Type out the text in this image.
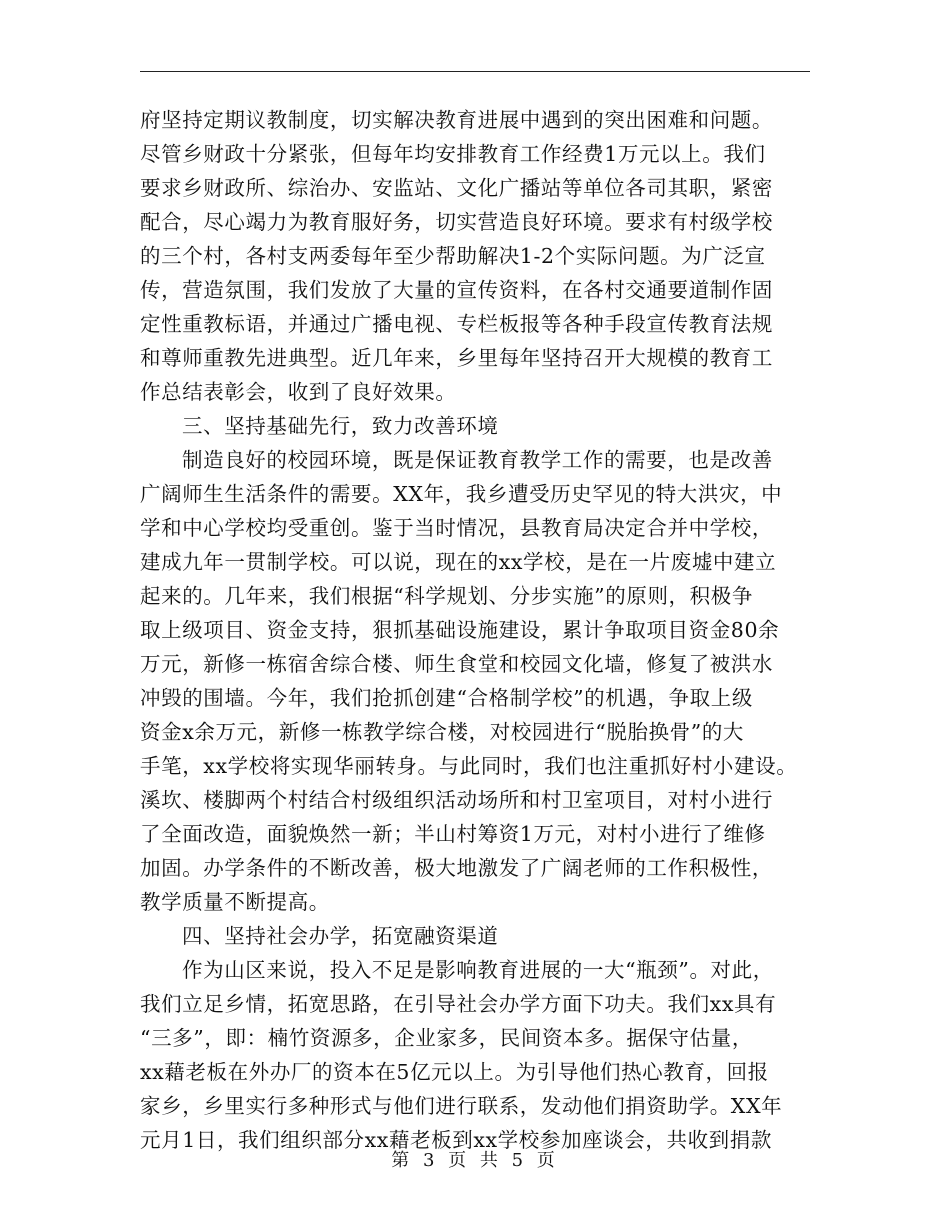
府坚持定期议教制度，切实解决教育进展中遇到的突出困难和问题。
尽管乡财政十分紧张，但每年均安排教育工作经费1万元以上。我们
要求乡财政所、综治办、安监站、文化广播站等单位各司其职，紧密
配合，尽心竭力为教育服好务，切实营造良好环境。要求有村级学校
的三个村，各村支两委每年至少帮助解决1-2个实际问题。为广泛宣
传，营造氛围，我们发放了大量的宣传资料，在各村交通要道制作固
定性重教标语，并通过广播电视、专栏板报等各种手段宣传教育法规
和尊师重教先进典型。近几年来，乡里每年坚持召开大规模的教育工
作总结表彰会，收到了良好效果。
三、坚持基础先行，致力改善环境
制造良好的校园环境，既是保证教育教学工作的需要，也是改善
广阔师生生活条件的需要。XX年，我乡遭受历史罕见的特大洪灾，中
学和中心学校均受重创。鉴于当时情况，县教育局决定合并中学校，
建成九年一贯制学校。可以说，现在的xx学校，是在一片废墟中建立
起来的。几年来，我们根据“科学规划、分步实施”的原则，积极争
取上级项目、资金支持，狠抓基础设施建设，累计争取项目资金80余
万元，新修一栋宿舍综合楼、师生食堂和校园文化墙，修复了被洪水
冲毁的围墙。今年，我们抢抓创建“合格制学校”的机遇，争取上级
资金x余万元，新修一栋教学综合楼，对校园进行“脱胎换骨”的大
手笔，xx学校将实现华丽转身。与此同时，我们也注重抓好村小建设。
溪坎、楼脚两个村结合村级组织活动场所和村卫室项目，对村小进行
了全面改造，面貌焕然一新；半山村筹资1万元，对村小进行了维修
加固。办学条件的不断改善，极大地激发了广阔老师的工作积极性，
教学质量不断提高。
四、坚持社会办学，拓宽融资渠道
作为山区来说，投入不足是影响教育进展的一大“瓶颈”。对此，
我们立足乡情，拓宽思路，在引导社会办学方面下功夫。我们xx具有
“三多”，即：楠竹资源多，企业家多，民间资本多。据保守估量，
xx藉老板在外办厂的资本在5亿元以上。为引导他们热心教育，回报
家乡，乡里实行多种形式与他们进行联系，发动他们捐资助学。XX年
元月1日，我们组织部分xx藉老板到xx学校参加座谈会，共收到捐款
第 3 页 共 5 页
